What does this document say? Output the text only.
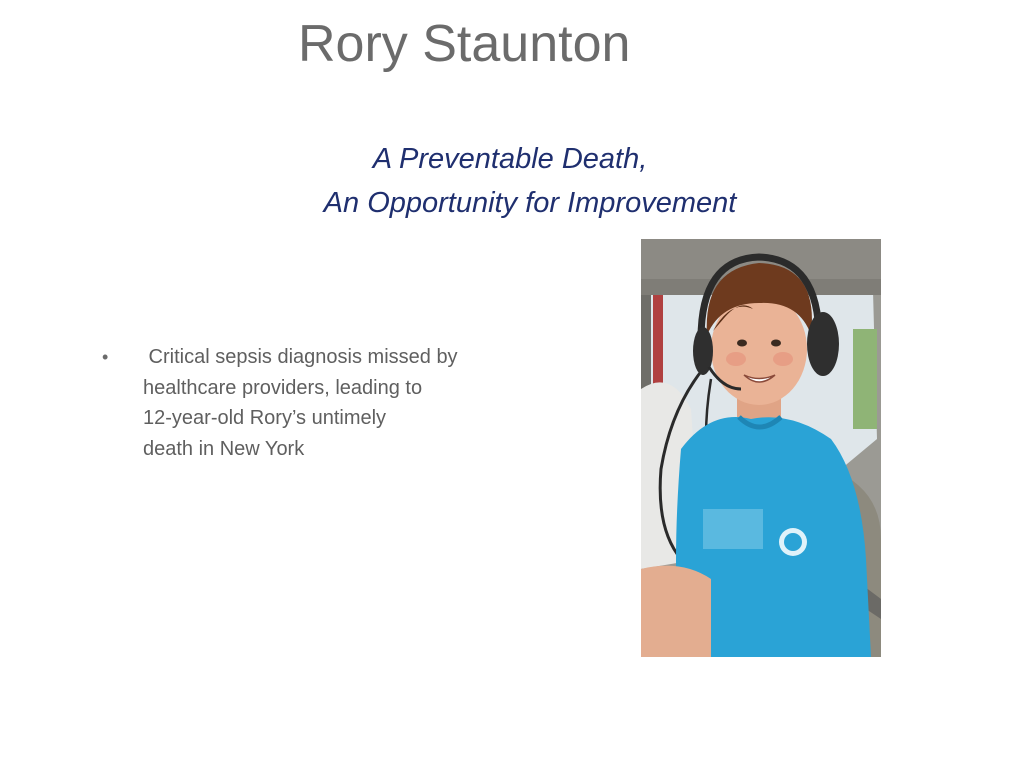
Rory Staunton
A Preventable Death,
An Opportunity for Improvement
• Critical sepsis diagnosis missed by
healthcare providers, leading to
12-year-old Rory’s untimely
death in New York
